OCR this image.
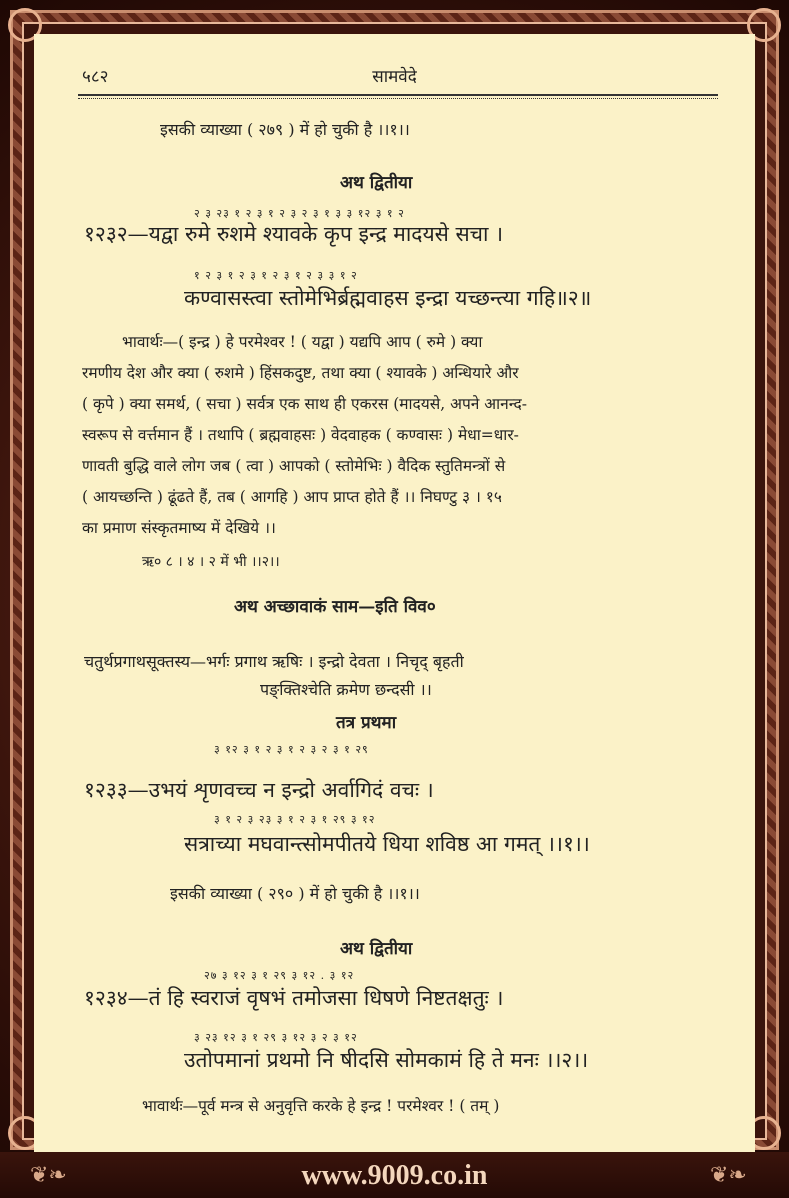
५८२	सामवेदे
इसकी व्याख्या ( २७९ ) में हो चुकी है ।।१।।
अथ द्वितीया
२ ३ २३ १ २ ३ १ २ ३ २ ३ १ ३ ३ १२ ३ १ २
१२३२—यद्वा रुमे रुशमे श्यावके कृप इन्द्र मादयसे सचा ।
१ २ ३ १ २ ३ १ २ ३ १ २ ३ ३ १ २
कण्वासस्त्वा स्तोमेभिर्ब्रह्मवाहस इन्द्रा यच्छन्त्या गहि॥२॥
भावार्थः—( इन्द्र ) हे परमेश्वर ! ( यद्वा ) यद्यपि आप ( रुमे ) क्या
रमणीय देश और क्या ( रुशमे ) हिंसकदुष्ट, तथा क्या ( श्यावके ) अन्धियारे और
( कृपे ) क्या समर्थ, ( सचा ) सर्वत्र एक साथ ही एकरस (मादयसे, अपने आनन्द-
स्वरूप से वर्त्तमान हैं । तथापि ( ब्रह्मवाहसः ) वेदवाहक ( कण्वासः ) मेधा=धार-
णावती बुद्धि वाले लोग जब ( त्वा ) आपको ( स्तोमेभिः ) वैदिक स्तुतिमन्त्रों से
( आयच्छन्ति ) ढूंढते हैं, तब ( आगहि ) आप प्राप्त होते हैं ।। निघण्टु ३ । १५
का प्रमाण संस्कृतमाष्य में देखिये ।।
ऋ० ८ । ४ । २ में भी ।।२।।
अथ अच्छावाकं साम—इति विव०
चतुर्थप्रगाथसूक्तस्य—भर्गः प्रगाथ ऋषिः । इन्द्रो देवता । निचृद् बृहती
पङ्क्तिश्चेति क्रमेण छन्दसी ।।
तत्र प्रथमा
३ १२ ३ १ २ ३ १ २ ३ २ ३ १ २९
१२३३—उभयं शृणवच्च न इन्द्रो अर्वागिदं वचः ।
३ १ २ ३ २३ ३ १ २ ३ १ २९ ३ १२
सत्राच्या मघवान्त्सोमपीतये धिया शविष्ठ आ गमत् ।।१।।
इसकी व्याख्या ( २९० ) में हो चुकी है ।।१।।
अथ द्वितीया
२७ ३ १२ ३ १ २९ ३ १२ . ३ १२
१२३४—तं हि स्वराजं वृषभं तमोजसा धिषणे निष्टतक्षतुः ।
३ २३ १२ ३ १ २९ ३ १२ ३ २ ३ १२
उतोपमानां प्रथमो नि षीदसि सोमकामं हि ते मनः ।।२।।
भावार्थः—पूर्व मन्त्र से अनुवृत्ति करके हे इन्द्र ! परमेश्वर ! ( तम् )
❦❧	❦❧
www.9009.co.in
